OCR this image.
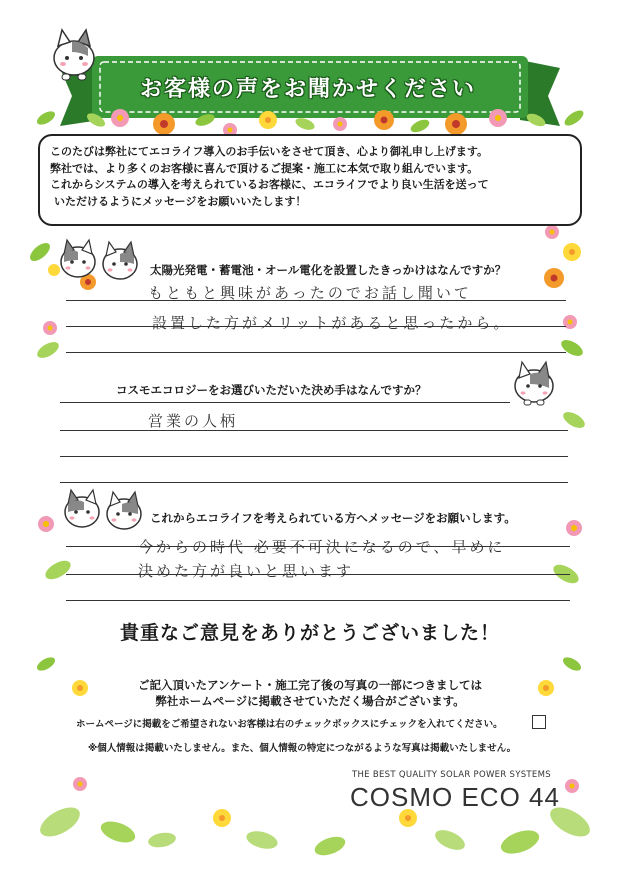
お客様の声をお聞かせください
このたびは弊社にてエコライフ導入のお手伝いをさせて頂き、心より御礼申し上げます。
弊社では、より多くのお客様に喜んで頂けるご提案・施工に本気で取り組んでいます。
これからシステムの導入を考えられているお客様に、エコライフでより良い生活を送って
いただけるようにメッセージをお願いいたします！
太陽光発電・蓄電池・オール電化を設置したきっかけはなんですか？
もともと興味があったのでお話し聞いて
設置した方がメリットがあると思ったから。
コスモエコロジーをお選びいただいた決め手はなんですか？
営業の人柄
これからエコライフを考えられている方へメッセージをお願いします。
今からの時代 必要不可決になるので、早めに
決めた方が良いと思います
貴重なご意見をありがとうございました！
ご記入頂いたアンケート・施工完了後の写真の一部につきましては
弊社ホームページに掲載させていただく場合がございます。
ホームページに掲載をご希望されないお客様は右のチェックボックスにチェックを入れてください。
※個人情報は掲載いたしません。また、個人情報の特定につながるような写真は掲載いたしません。
THE BEST QUALITY SOLAR POWER SYSTEMS
COSMO ECO 44
